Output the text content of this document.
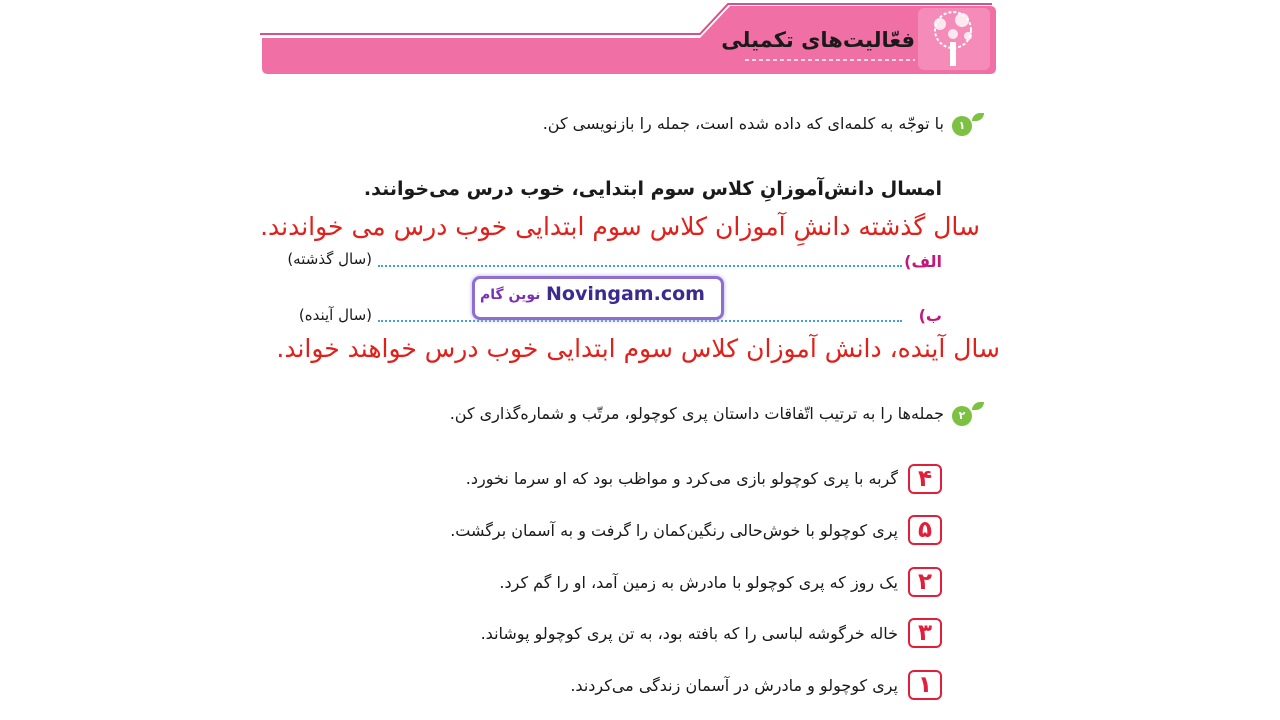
فعّالیت‌های تکمیلی
۱
با توجّه به کلمه‌ای که داده شده است، جمله را بازنویسی کن.
امسال دانش‌آموزانِ کلاس سوم ابتدایی، خوب درس می‌خوانند.
سال گذشته دانشِ آموزان کلاس سوم ابتدایی خوب درس می خواندند.
الف)
(سال گذشته)
ب)
(سال آینده)
سال آینده، دانش آموزان کلاس سوم ابتدایی خوب درس خواهند خواند.
Novingam.com
نوین گام
۲
جمله‌ها را به ترتیب اتّفاقات داستان پری کوچولو، مرتّب و شماره‌گذاری کن.
۴
گربه با پری کوچولو بازی می‌کرد و مواظب بود که او سرما نخورد.
۵
پری کوچولو با خوش‌حالی رنگین‌کمان را گرفت و به آسمان برگشت.
۲
یک روز که پری کوچولو با مادرش به زمین آمد، او را گم کرد.
۳
خاله خرگوشه لباسی را که بافته بود، به تن پری کوچولو پوشاند.
۱
پری کوچولو و مادرش در آسمان زندگی می‌کردند.
